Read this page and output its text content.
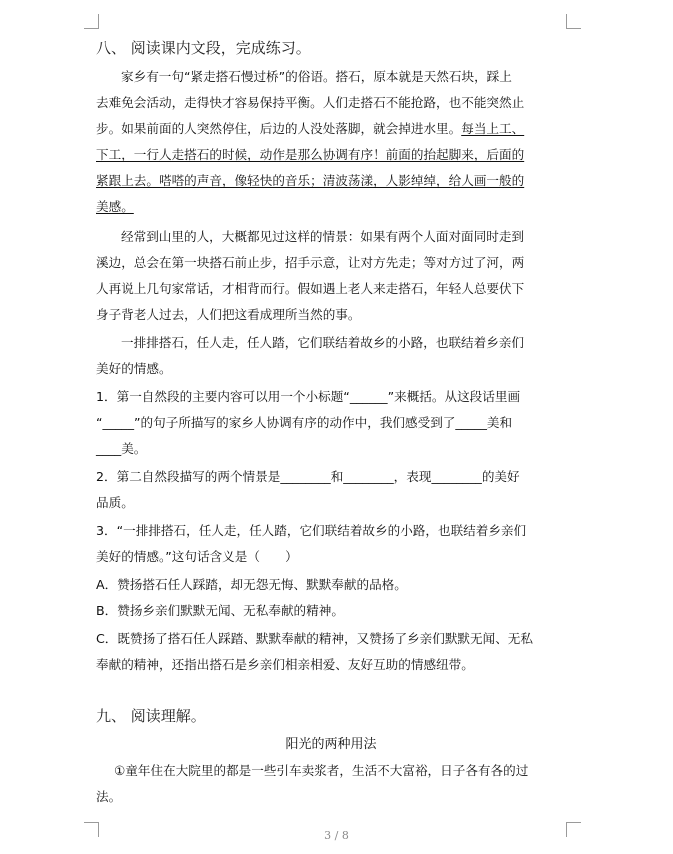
八、 阅读课内文段，完成练习。
家乡有一句“紧走搭石慢过桥”的俗语。搭石，原本就是天然石块，踩上
去难免会活动，走得快才容易保持平衡。人们走搭石不能抢路，也不能突然止
步。如果前面的人突然停住，后边的人没处落脚，就会掉进水里。每当上工、
下工，一行人走搭石的时候，动作是那么协调有序！前面的抬起脚来，后面的
紧跟上去。嗒嗒的声音，像轻快的音乐；清波荡漾，人影绰绰，给人画一般的
美感。
经常到山里的人，大概都见过这样的情景：如果有两个人面对面同时走到
溪边，总会在第一块搭石前止步，招手示意，让对方先走；等对方过了河，两
人再说上几句家常话，才相背而行。假如遇上老人来走搭石，年轻人总要伏下
身子背老人过去，人们把这看成理所当然的事。
一排排搭石，任人走，任人踏，它们联结着故乡的小路，也联结着乡亲们
美好的情感。
1．第一自然段的主要内容可以用一个小标题“______”来概括。从这段话里画
“_____”的句子所描写的家乡人协调有序的动作中，我们感受到了_____美和
____美。
2．第二自然段描写的两个情景是________和________，表现________的美好
品质。
3．“一排排搭石，任人走，任人踏，它们联结着故乡的小路，也联结着乡亲们
美好的情感。”这句话含义是（　　）
A．赞扬搭石任人踩踏，却无怨无悔、默默奉献的品格。
B．赞扬乡亲们默默无闻、无私奉献的精神。
C．既赞扬了搭石任人踩踏、默默奉献的精神，又赞扬了乡亲们默默无闻、无私
奉献的精神，还指出搭石是乡亲们相亲相爱、友好互助的情感纽带。
九、 阅读理解。
阳光的两种用法
①童年住在大院里的都是一些引车卖浆者，生活不大富裕，日子各有各的过
法。
3 / 8
